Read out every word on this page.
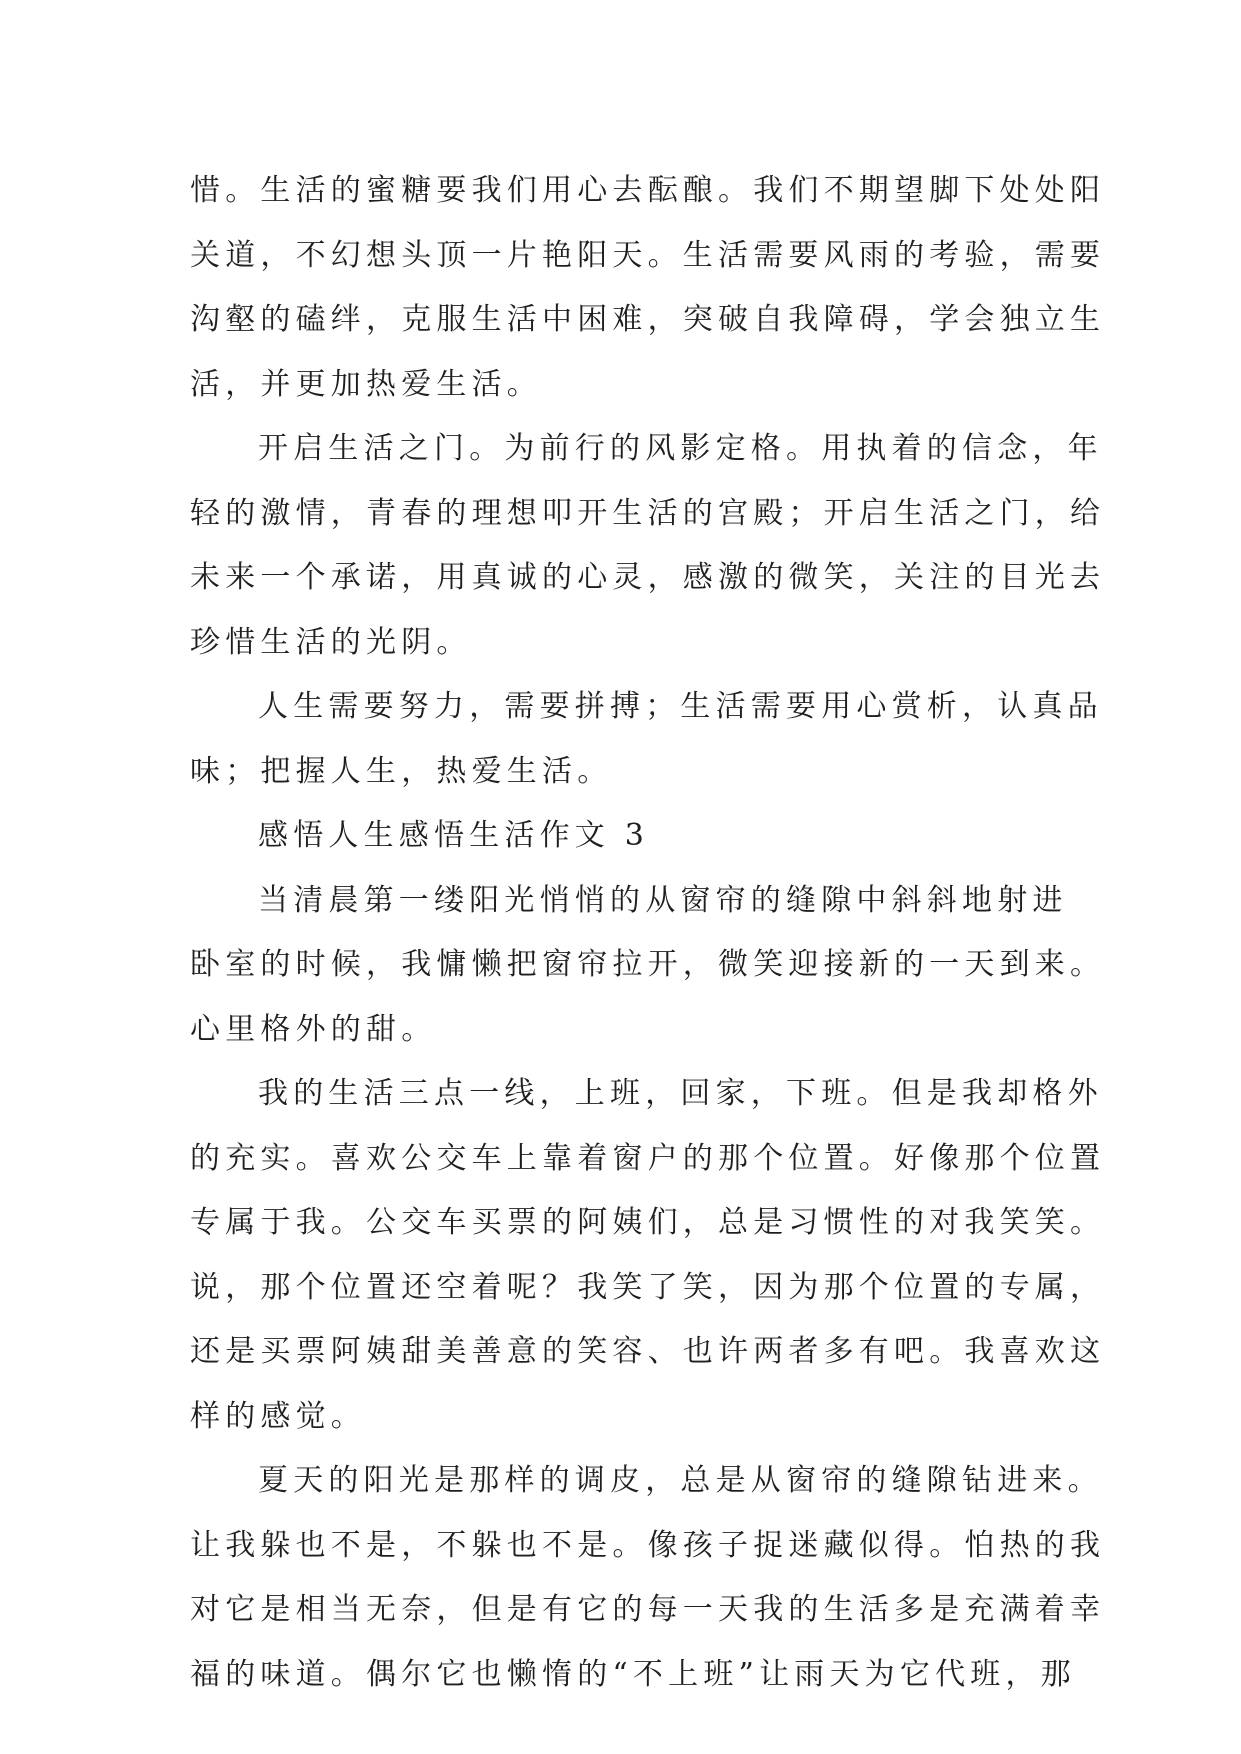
惜。生活的蜜糖要我们用心去酝酿。我们不期望脚下处处阳
关道，不幻想头顶一片艳阳天。生活需要风雨的考验，需要
沟壑的磕绊，克服生活中困难，突破自我障碍，学会独立生
活，并更加热爱生活。
开启生活之门。为前行的风影定格。用执着的信念，年
轻的激情，青春的理想叩开生活的宫殿；开启生活之门，给
未来一个承诺，用真诚的心灵，感激的微笑，关注的目光去
珍惜生活的光阴。
人生需要努力，需要拼搏；生活需要用心赏析，认真品
味；把握人生，热爱生活。
感悟人生感悟生活作文 3
当清晨第一缕阳光悄悄的从窗帘的缝隙中斜斜地射进
卧室的时候，我慵懒把窗帘拉开，微笑迎接新的一天到来。
心里格外的甜。
我的生活三点一线，上班，回家，下班。但是我却格外
的充实。喜欢公交车上靠着窗户的那个位置。好像那个位置
专属于我。公交车买票的阿姨们，总是习惯性的对我笑笑。
说，那个位置还空着呢？我笑了笑，因为那个位置的专属，
还是买票阿姨甜美善意的笑容、也许两者多有吧。我喜欢这
样的感觉。
夏天的阳光是那样的调皮，总是从窗帘的缝隙钻进来。
让我躲也不是，不躲也不是。像孩子捉迷藏似得。怕热的我
对它是相当无奈，但是有它的每一天我的生活多是充满着幸
福的味道。偶尔它也懒惰的“不上班”让雨天为它代班，那
